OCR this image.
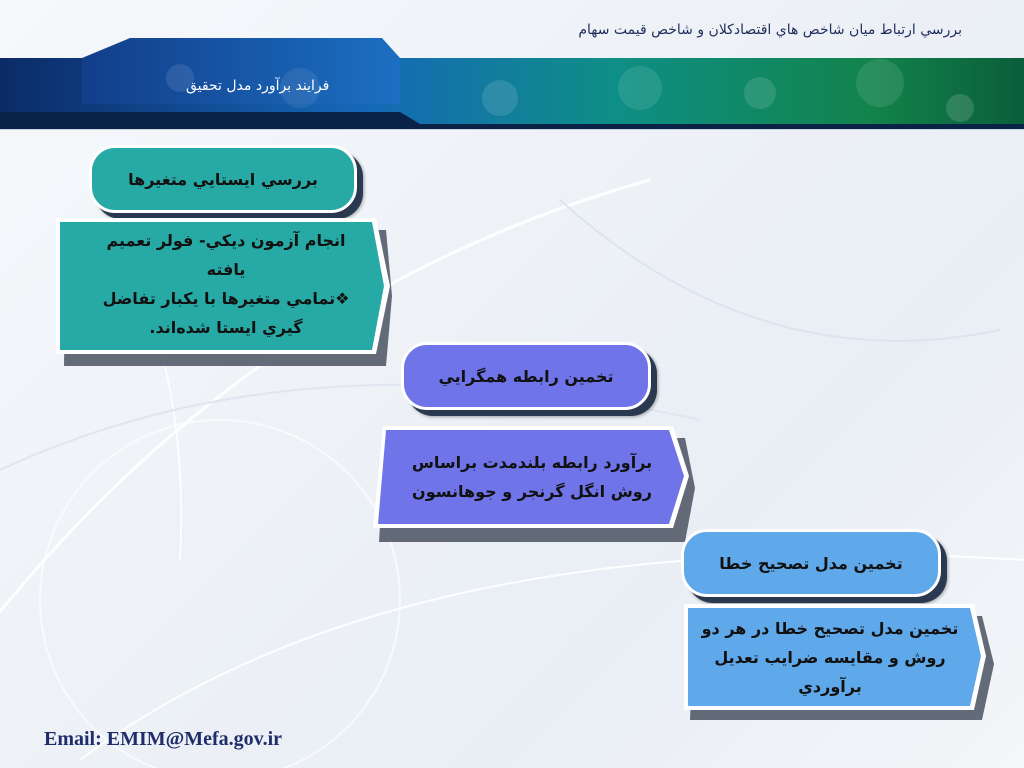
بررسي ارتباط ميان شاخص هاي اقتصادکلان و شاخص قيمت سهام
فرايند برآورد مدل تحقيق
بررسي ايستايي متغيرها
انجام آزمون ديکي- فولر تعميم
يافته
❖تمامي متغيرها با يکبار تفاضل
گيري ايستا شده‌اند.
تخمين رابطه همگرايي
برآورد رابطه بلندمدت براساس
روش انگل گرنجر و جوهانسون
تخمين مدل تصحيح خطا
تخمين مدل تصحيح خطا در هر دو
روش و مقايسه ضرايب تعديل
برآوردي
Email: EMIM@Mefa.gov.ir
